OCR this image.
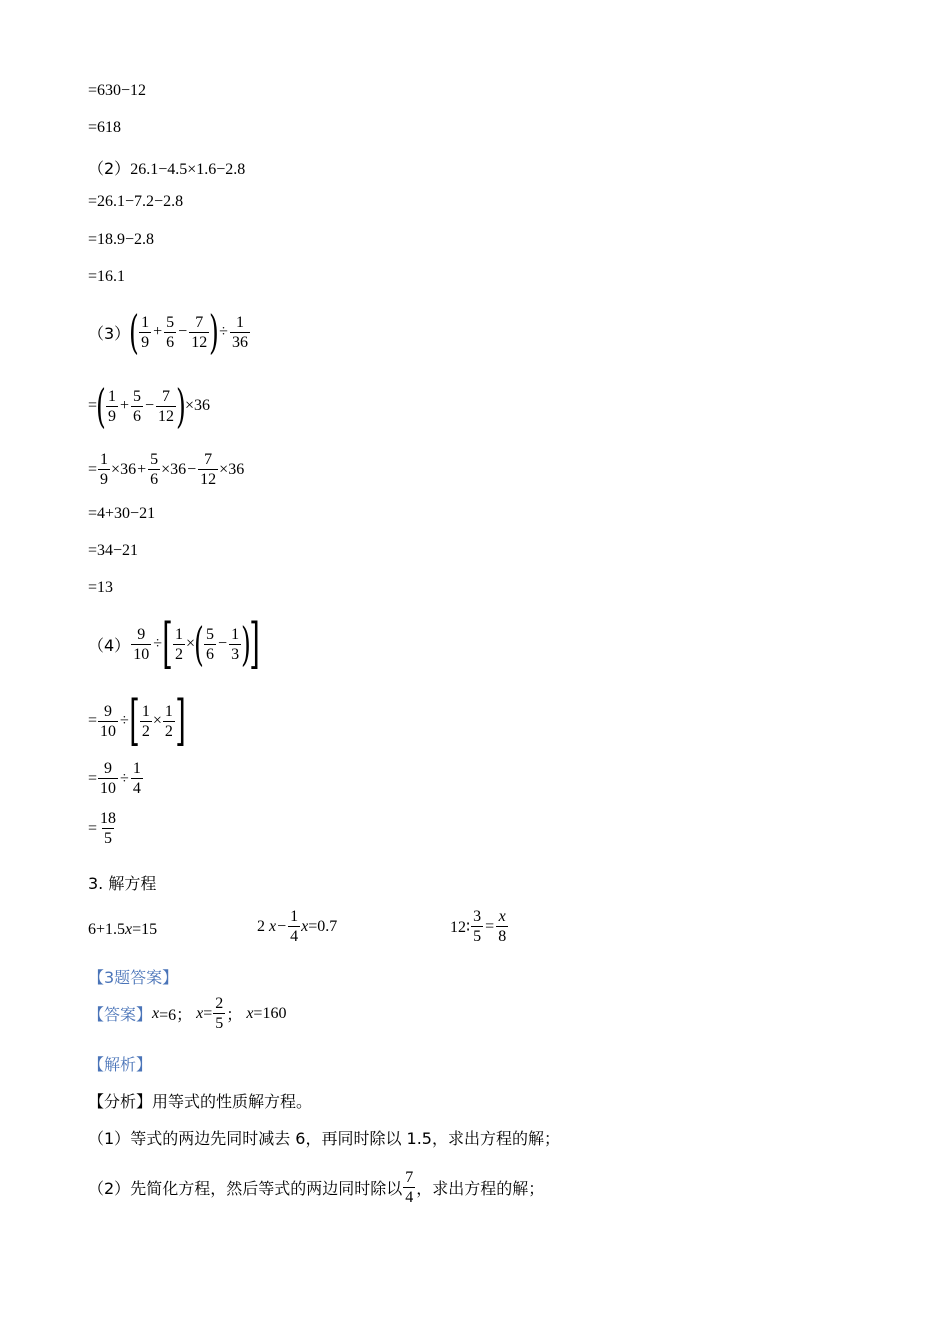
=630−12
=618
（2）26.1−4.5×1.6−2.8
=26.1−7.2−2.8
=18.9−2.8
=16.1
（3） ( $\frac{1}{9} + \frac{5}{6} - \frac{7}{12}$ ) ÷ $\frac{1}{36}$
= ( $\frac{1}{9} + \frac{5}{6} - \frac{7}{12}$ ) × 36
= $\frac{1}{9} \times 36 + \frac{5}{6} \times 36 - \frac{7}{12} \times 36$
=4+30−21
=34−21
=13
$(4) \frac{9}{10}$ ÷ [ $\frac{1}{2}$ × ( $\frac{5}{6} - \frac{1}{3}$ )
]
= $\frac{9}{10}$ ÷ [ $\frac{1}{2} \times \frac{1}{2}$ ]
= $\frac{9}{10} \div \frac{1}{4}$
= $\frac{18}{5}$
3. 解方程
6+1.5x=15	2
$x - \frac{1}{4}$ x =0.7	12∶ $\frac{3}{5} = \frac{x}{8}$
【3题答案】
【答案】 x =6；
$x = \frac{2}{5}$ ；
x =160
【解析】
【分析】用等式的性质解方程。
（1）等式的两边先同时减去 6，再同时除以 1.5，求出方程的解；
（2） 先简化方程，然后等式的两边同时除以 $\frac{7}{4}$ ，求出方程的解；
